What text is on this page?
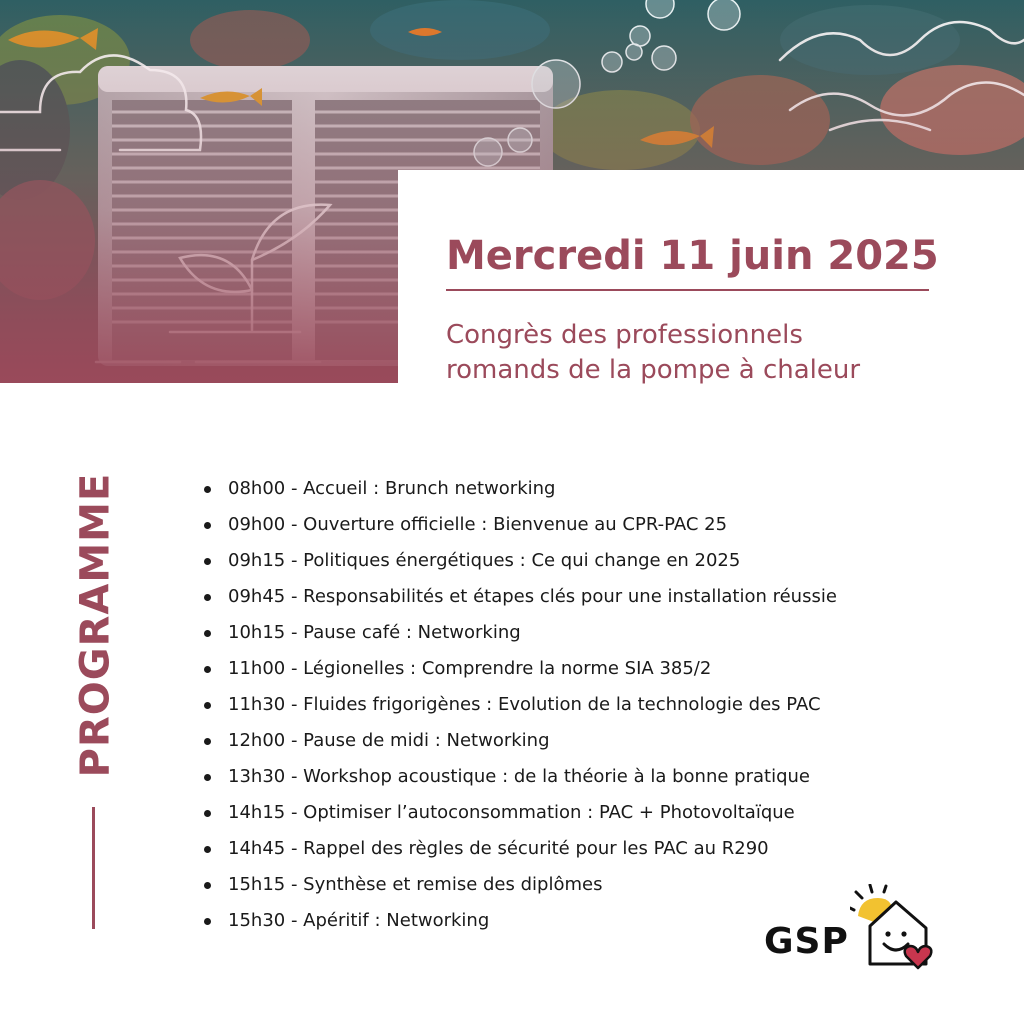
Mercredi 11 juin 2025
Congrès des professionnels
romands de la pompe à chaleur
PROGRAMME	08h00 - Accueil : Brunch networking
09h00 - Ouverture officielle : Bienvenue au CPR-PAC 25
09h15 - Politiques énergétiques : Ce qui change en 2025
09h45 - Responsabilités et étapes clés pour une installation réussie
10h15 - Pause café : Networking
11h00 - Légionelles : Comprendre la norme SIA 385/2
11h30 - Fluides frigorigènes : Evolution de la technologie des PAC
12h00 - Pause de midi : Networking
13h30 - Workshop acoustique : de la théorie à la bonne pratique
14h15 - Optimiser l’autoconsommation : PAC + Photovoltaïque
14h45 - Rappel des règles de sécurité pour les PAC au R290
15h15 - Synthèse et remise des diplômes
15h30 - Apéritif : Networking
GSP
